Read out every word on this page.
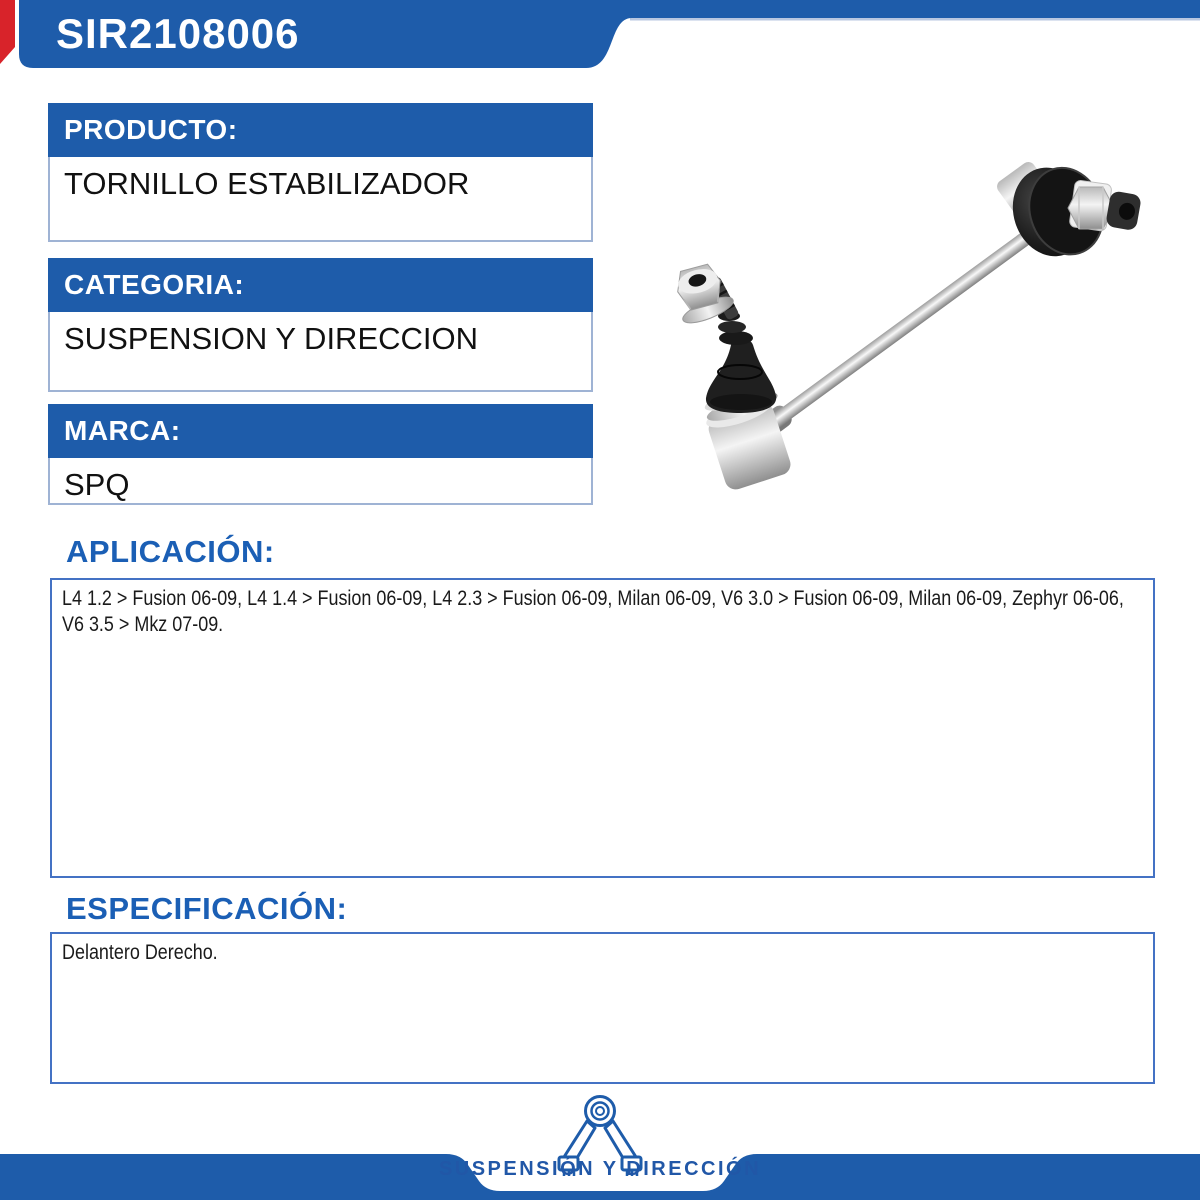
SIR2108006
PRODUCTO:
TORNILLO ESTABILIZADOR
CATEGORIA:
SUSPENSION Y DIRECCION
MARCA:
SPQ
APLICACIÓN:
L4 1.2 > Fusion 06-09, L4 1.4 > Fusion 06-09, L4 2.3 > Fusion 06-09, Milan 06-09, V6 3.0 > Fusion 06-09, Milan 06-09, Zephyr 06-06, V6 3.5 > Mkz 07-09.
ESPECIFICACIÓN:
Delantero Derecho.
SUSPENSIÓN Y DIRECCIÓN
